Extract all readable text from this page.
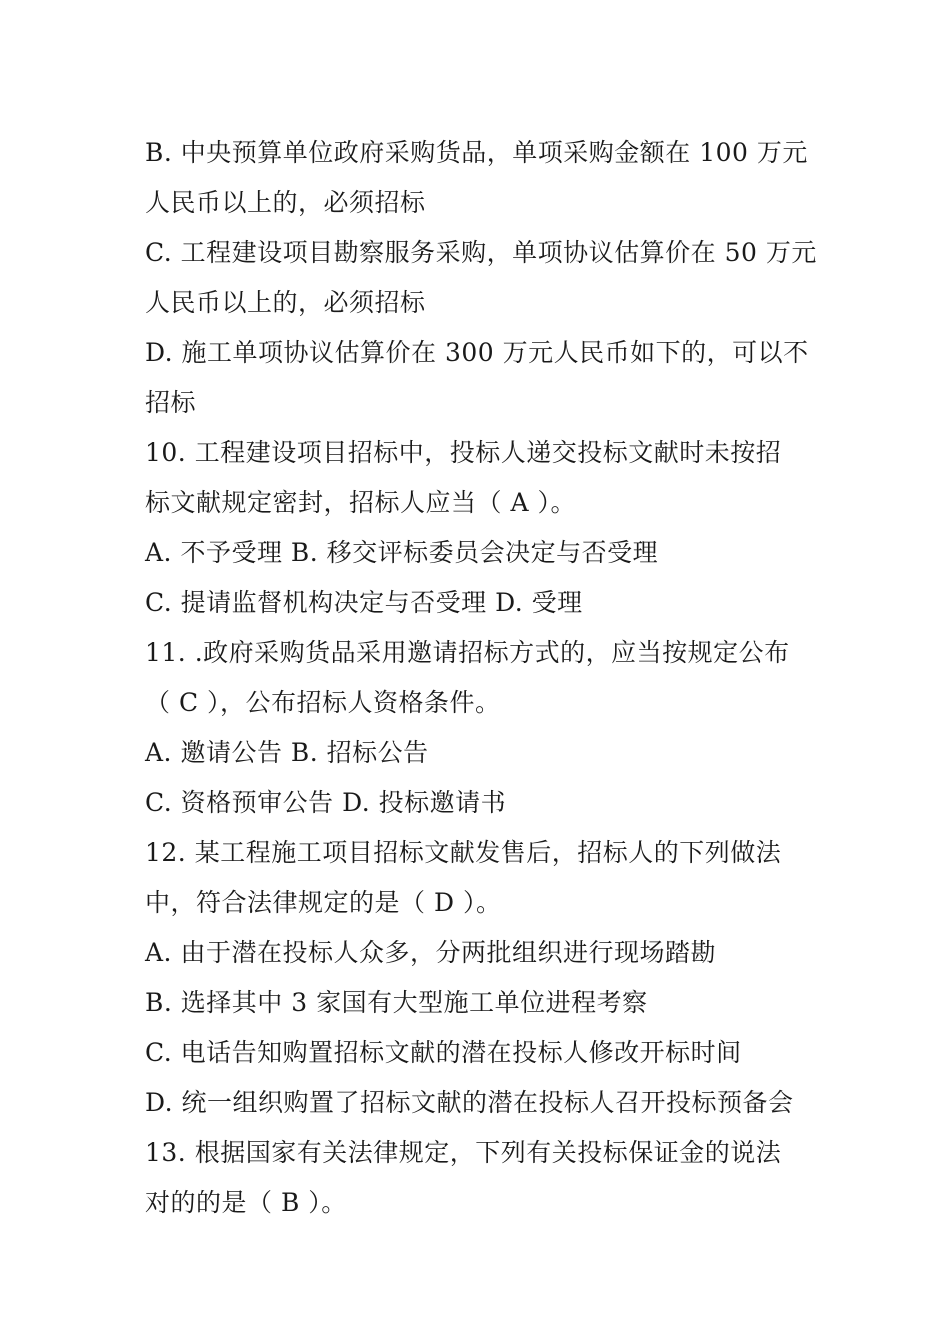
B. 中央预算单位政府采购货品，单项采购金额在 100 万元
人民币以上的，必须招标
C. 工程建设项目勘察服务采购，单项协议估算价在 50 万元
人民币以上的，必须招标
D. 施工单项协议估算价在 300 万元人民币如下的，可以不
招标
10. 工程建设项目招标中，投标人递交投标文献时未按招
标文献规定密封，招标人应当（ A ）。
A. 不予受理 B. 移交评标委员会决定与否受理
C. 提请监督机构决定与否受理 D. 受理
11. .政府采购货品采用邀请招标方式的，应当按规定公布
（ C ），公布招标人资格条件。
A. 邀请公告 B. 招标公告
C. 资格预审公告 D. 投标邀请书
12. 某工程施工项目招标文献发售后，招标人的下列做法
中，符合法律规定的是（ D ）。
A. 由于潜在投标人众多，分两批组织进行现场踏勘
B. 选择其中 3 家国有大型施工单位进程考察
C. 电话告知购置招标文献的潜在投标人修改开标时间
D. 统一组织购置了招标文献的潜在投标人召开投标预备会
13. 根据国家有关法律规定，下列有关投标保证金的说法
对的的是（ B ）。
